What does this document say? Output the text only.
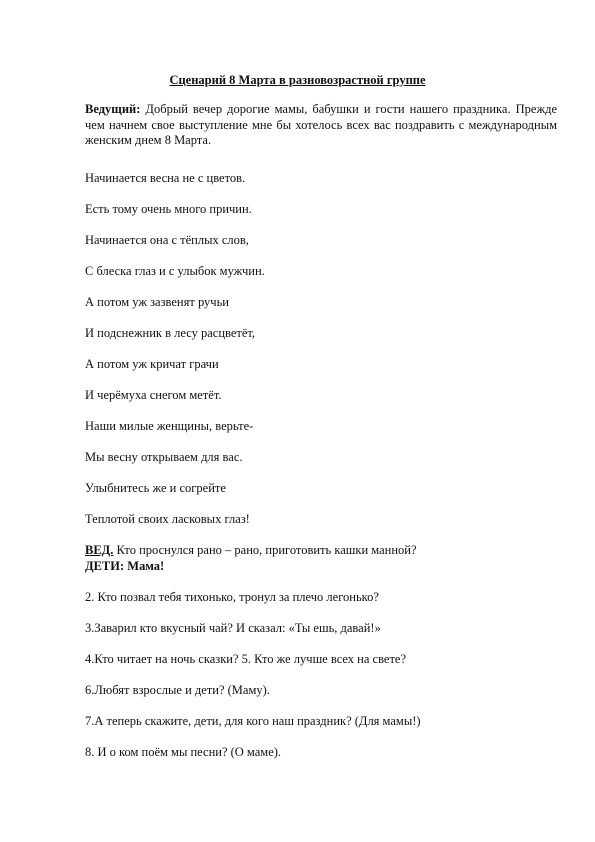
Сценарий 8 Марта в разновозрастной группе
Ведущий: Добрый вечер дорогие мамы, бабушки и гости нашего праздника. Прежде чем начнем свое выступление мне бы хотелось всех вас поздравить с международным женским днем 8 Марта.
Начинается весна не с цветов.
Есть тому очень много причин.
Начинается она с тёплых слов,
С блеска глаз и с улыбок мужчин.
А потом уж зазвенят ручьи
И подснежник в лесу расцветёт,
А потом уж кричат грачи
И черёмуха снегом метёт.
Наши милые женщины, верьте-
Мы весну открываем для вас.
Улыбнитесь же и согрейте
Теплотой своих ласковых глаз!
ВЕД. Кто проснулся рано – рано, приготовить кашки манной?
ДЕТИ: Мама!
2. Кто позвал тебя тихонько, тронул за плечо легонько?
3.Заварил кто вкусный чай? И сказал: «Ты ешь, давай!»
4.Кто читает на ночь сказки? 5. Кто же лучше всех на свете?
6.Любят взрослые и дети? (Маму).
7.А теперь скажите, дети, для кого наш праздник? (Для мамы!)
8. И о ком поём мы песни? (О маме).
